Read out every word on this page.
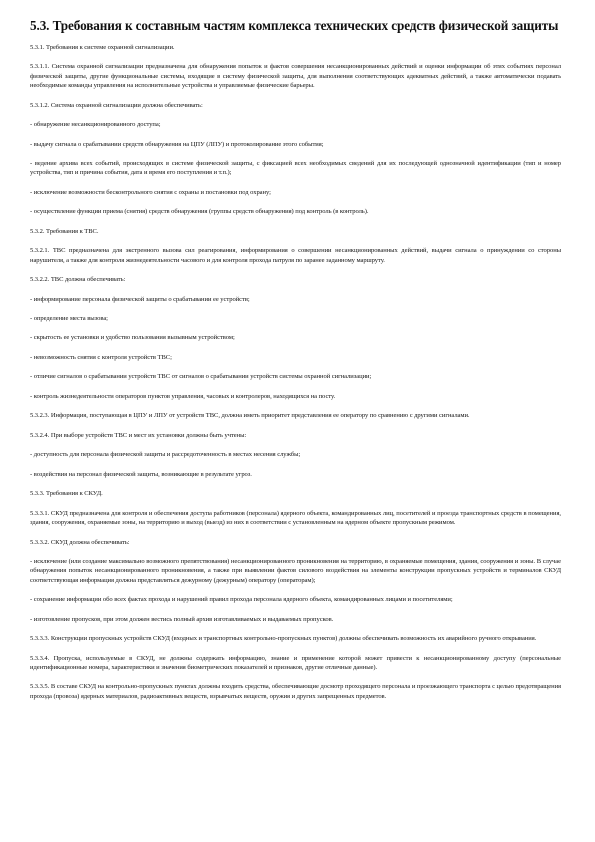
5.3. Требования к составным частям комплекса технических средств физической защиты
5.3.1. Требования к системе охранной сигнализации.
5.3.1.1. Система охранной сигнализации предназначена для обнаружения попыток и фактов совершения несанкционированных действий и оценки информации об этих событиях персонал физической защиты, другие функциональные системы, входящие в систему физической защиты, для выполнения соответствующих адекватных действий, а также автоматически подавать необходимые команды управления на исполнительные устройства и управляемые физические барьеры.
5.3.1.2. Система охранной сигнализации должна обеспечивать:
- обнаружение несанкционированного доступа;
- выдачу сигнала о срабатывании средств обнаружения на ЦПУ (ЛПУ) и протоколирование этого события;
- ведение архива всех событий, происходящих в системе физической защиты, с фиксацией всех необходимых сведений для их последующей однозначной идентификации (тип и номер устройства, тип и причина события, дата и время его поступления и т.п.);
- исключение возможности бесконтрольного снятия с охраны и постановки под охрану;
- осуществление функции приема (снятия) средств обнаружения (группы средств обнаружения) под контроль (в контроль).
5.3.2. Требования к ТВС.
5.3.2.1. ТВС предназначена для экстренного вызова сил реагирования, информирования о совершении несанкционированных действий, выдачи сигнала о принуждении со стороны нарушителя, а также для контроля жизнедеятельности часового и для контроля прохода патруля по заранее заданному маршруту.
5.3.2.2. ТВС должна обеспечивать:
- информирование персонала физической защиты о срабатывании ее устройств;
- определение места вызова;
- скрытость ее установки и удобство пользования вызывным устройством;
- невозможность снятия с контроля устройств ТВС;
- отличие сигналов о срабатывании устройств ТВС от сигналов о срабатывании устройств системы охранной сигнализации;
- контроль жизнедеятельности операторов пунктов управления, часовых и контролеров, находящихся на посту.
5.3.2.3. Информация, поступающая в ЦПУ и ЛПУ от устройств ТВС, должна иметь приоритет представления ее оператору по сравнению с другими сигналами.
5.3.2.4. При выборе устройств ТВС и мест их установки должны быть учтены:
- доступность для персонала физической защиты и рассредоточенность в местах несения службы;
- воздействия на персонал физической защиты, возникающие в результате угроз.
5.3.3. Требования к СКУД.
5.3.3.1. СКУД предназначена для контроля и обеспечения доступа работников (персонала) ядерного объекта, командированных лиц, посетителей и проезда транспортных средств в помещения, здания, сооружения, охраняемые зоны, на территорию и выход (выезд) из них в соответствии с установленным на ядерном объекте пропускным режимом.
5.3.3.2. СКУД должна обеспечивать:
- исключение (или создание максимально возможного препятствования) несанкционированного проникновения на территорию, в охраняемые помещения, здания, сооружения и зоны. В случае обнаружения попыток несанкционированного проникновения, а также при выявлении фактов силового воздействия на элементы конструкции пропускных устройств и терминалов СКУД соответствующая информация должна представляться дежурному (дежурным) оператору (операторам);
- сохранение информации обо всех фактах прохода и нарушений правил прохода персонала ядерного объекта, командированных лицами и посетителями;
- изготовление пропусков, при этом должен вестись полный архив изготавливаемых и выдаваемых пропусков.
5.3.3.3. Конструкции пропускных устройств СКУД (входных и транспортных контрольно-пропускных пунктов) должны обеспечивать возможность их аварийного ручного открывания.
5.3.3.4. Пропуска, используемые в СКУД, не должны содержать информацию, знание и применение которой может привести к несанкционированному доступу (персональные идентификационные номера, характеристики и значения биометрических показателей и признаков, другие отличные данные).
5.3.3.5. В составе СКУД на контрольно-пропускных пунктах должны входить средства, обеспечивающие досмотр проходящего персонала и проезжающего транспорта с целью предотвращения прохода (провоза) ядерных материалов, радиоактивных веществ, взрывчатых веществ, оружия и других запрещенных предметов.
